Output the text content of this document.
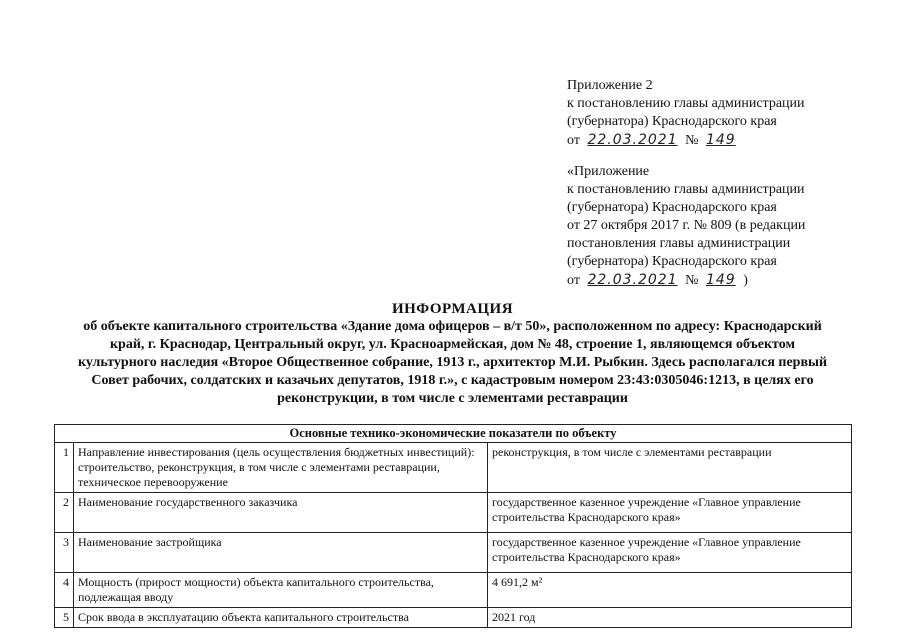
Приложение 2
к постановлению главы администрации
(губернатора) Краснодарского края
от 22.03.2021 № 149
«Приложение
к постановлению главы администрации
(губернатора) Краснодарского края
от 27 октября 2017 г. № 809 (в редакции
постановления главы администрации
(губернатора) Краснодарского края
от 22.03.2021 № 149 )
ИНФОРМАЦИЯ
об объекте капитального строительства «Здание дома офицеров – в/т 50», расположенном по адресу: Краснодарский
край, г. Краснодар, Центральный округ, ул. Красноармейская, дом № 48, строение 1, являющемся объектом
культурного наследия «Второе Общественное собрание, 1913 г., архитектор М.И. Рыбкин. Здесь располагался первый
Совет рабочих, солдатских и казачьих депутатов, 1918 г.», с кадастровым номером 23:43:0305046:1213, в целях его
реконструкции, в том числе с элементами реставрации
Основные технико-экономические показатели по объекту		
1	Направление инвестирования (цель осуществления бюджетных инвестиций): строительство, реконструкция, в том числе с элементами реставрации, техническое перевооружение	реконструкция, в том числе с элементами реставрации
2	Наименование государственного заказчика	государственное казенное учреждение «Главное управление строительства Краснодарского края»
3	Наименование застройщика	государственное казенное учреждение «Главное управление строительства Краснодарского края»
4	Мощность (прирост мощности) объекта капитального строительства, подлежащая вводу	4 691,2 м²
5	Срок ввода в эксплуатацию объекта капитального строительства	2021 год
